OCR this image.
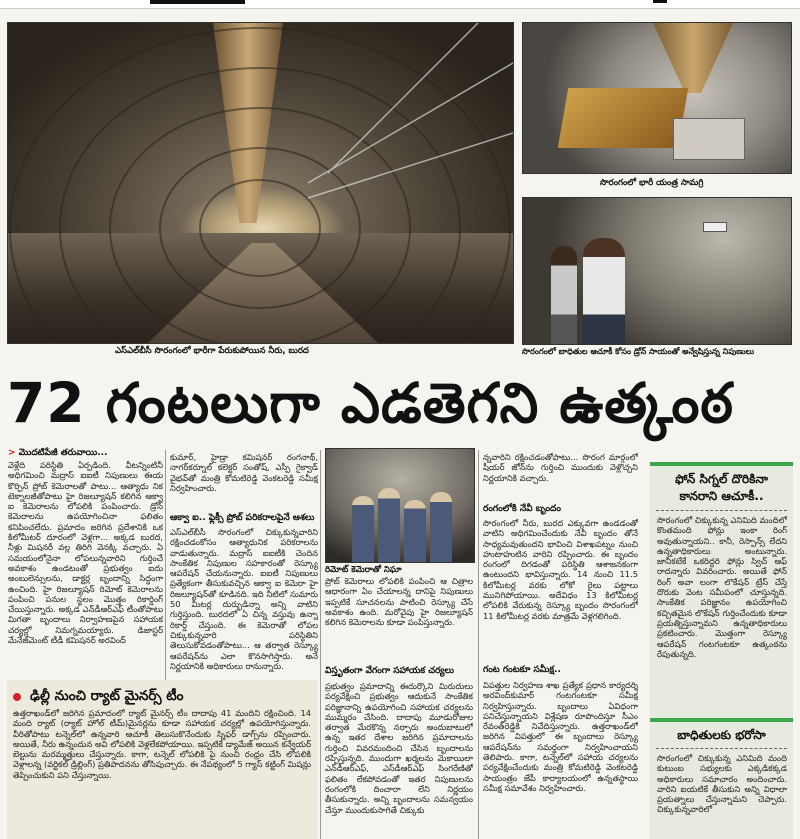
ఎస్ఎల్‌బీసీ సొరంగంలో భారీగా పేరుకుపోయిన నీరు, బురద
సొరంగంలో భారీ యంత్ర సామగ్రి
సొరంగంలో బాధితుల ఆచూకీ కోసం డ్రోన్ సాయంతో అన్వేషిస్తున్న నిపుణులు
72 గంటలుగా ఎడతెగని ఉత్కంఠ
> మొదటిపేజీ తరువాయి...
వెళ్లేది పరిస్థితి ఏర్పడింది. వీటన్నింటినీ అధిగమించి మద్రాస్ ఐఐటీ నిపుణులు ఈయ కొర్పిన్ ప్రోబ్ కెమెరాలతో పాటు... ఆత్యాధు నిక టెక్నాలజీతోపాటు హై రిజల్యూషన్ కలిగిన ఆక్వా ఐ కెమెరాలను లోపలికి పంపించారు. డ్రోన్ కెమెరాలను ఉపయోగించినా ఫలితం కనిపించలేదు. ప్రమాదం జరిగిన ప్రదేశానికి ఒక కిలోమీటర్ దూరంలో వెళ్లగా... అక్కడ బురద, నీళ్లు మిషనరీ వల్ల తిరిగి వెనక్కి వచ్చారు. ఏ సమయంలోనైనా లోపలున్నవారిని గుర్తించే అవకాశం ఉండటంతో ప్రభుత్వం ఐదు అంబులెన్సులను, డాక్టర్ల బృందాన్ని సిద్ధంగా ఉంచింది. హై రిజల్యూషన్ రిమోట్ కెమెరాలను పంపించి పనుల స్థలం మొత్తం రికార్డింగ్ చేయిస్తున్నారు. అక్కడ ఎన్‌డీఆర్‌ఎఫ్ టీంతోపాటు మిగతా బృందాలు నిర్వాహణపైన సహాయక చర్యల్లో నిమగ్నమయ్యారు. డిజాస్టర్ మేనేజ్‌మెంట్ టీడీ కమిషనర్ అరవింద్
కుమార్, హైడ్రా కమిషనర్ రంగనాథ్, నాగర్‌కర్నూల్ కలెక్టర్ సంతోష్, ఎస్పీ గైక్వాడ్ వైభవ్‌తో మంత్రి కోమటిరెడ్డి వెంకటరెడ్డి సమీక్ష నిర్వహించారు.
ఆక్వా ఐ.. ఫ్లెక్సీ ప్రోబ్ పరికరాలపైనే ఆశలు
ఎస్‌ఎల్‌బీసీ సొరంగంలో చిక్కుకున్నవారిని రక్షించడంకోసం ఆత్యాధునిక పరికరాలను వాడుతున్నారు. మద్రాస్ ఐఐటీకి చెందిన సాంకేతిక నిపుణుల సహకారంతో రెస్క్యూ ఆపరేషన్ చేయనున్నారు. ఐఐటీ నిపుణులు ప్రత్యేకంగా తీసుకువచ్చిన ఆక్వా ఐ కెమెరా హై రిజల్యూషన్‌తో కూడినది. ఇది నీటిలో సుమారు 50 మీటర్ల దుర్భుడిన్నా అన్ని వాటిని గుర్తిస్తుంది. బురదలో ఏ చిన్న వస్తువు ఉన్నా రికార్డ్ చేస్తుంది. ఈ కెమెరాతో లోపల చిక్కుకున్నవారి పరిస్థితిని తెలుసుకోవడంతోపాటు... ఆ తర్వాత రెస్క్యూ ఆపరేషన్‌ను ఎలా కొనసాగిస్తారు. అనే నిర్ణయానికి అధికారులు రానున్నారు.
రిమోట్ కెమెరాతో నిఘా
ప్రోబ్ కెమెరాలు లోపలికి పంపించి ఆ చిత్రాల ఆధారంగా ఏం చేయాలన్న దానిపై నిపుణులు ఇప్పటికే సూచనలను పాటించి రెస్క్యూ చేసే అవకాశం ఉంది. మరోవైపు హై రిజల్యూషన్ కలిగిన కెమెరాలను కూడా పంపిస్తున్నారు.
విస్తృతంగా వేగంగా సహాయక చర్యలు
ప్రభుత్వం ప్రమాదాన్ని ఈదుర్కొని మిరుదులు పర్యవేక్షించి ప్రభుత్వం ఆదుకునే సాంకేతిక పరిజ్ఞానాన్ని ఉపయోగించి సహాయక చర్యలను ముమ్మరం చేసింది. దాదాపు మూడురోజుల తర్వాత మేరకొన్న నర్సారు అందుబాటులో ఉన్న ఇతర దేశాల జరిగిన ప్రమాదాలను గుర్తించి వివరమందించి చేసిన బృందాలను రప్పిస్తున్నది. ముందుగా ఖర్మలను మెకాయిలా ఎన్‌డీఆర్‌ఎఫ్, ఎస్‌డీఆర్‌ఎఫ్ సింగరేణితో ఫలితం లేకపోవడంతో ఇతర నిపుణులను రంగంలోకి దించారా లేని నిర్ణయం తీసుకున్నారు. అన్ని బృందాలను సమన్వయం చేస్తూ ముందుకుసాగితే చిక్కుకు
న్నవారిని రక్షించడంతోపాటు... సొరంగ మార్గంలో షీయర్ జోన్‌ను గుర్తించి ముందుకు వెళ్లొచ్చని నిర్ణయానికి వచ్చారు.
రంగంలోకి నేవీ బృందం
సొరంగంలో నీరు, బురద ఎక్కువగా ఉండడంతో వాటిని అధిగమించేందుకు నేవీ బృందం తోనే సాధ్యమవుతుందని భావించి విశాఖపట్నం నుంచి హుటాహుటిన వారిని రప్పించారు. ఈ బృందం రంగంలో దిగడంతో పరిస్థితి ఆశాజనకంగా ఉంటుందని భావిస్తున్నారు. 14 నుంచి 11.5 కిలోమీటర్ల వరకు లోకో రైలు పట్టాలు మునిగిపోయాయి. అదేవిధం 13 కిలోమీటర్ల లోపలికి వేరుకున్న రెస్క్యూ బృందం సొరంగంలో 11 కిలోమీటర్ల వరకు మాత్రమే వెళ్లగలిగింది.
గంట గంటకూ సమీక్ష..
విపత్తుల నిర్వహణ శాఖ ప్రత్యేక ప్రధాన కార్యదర్శి అరవింద్‌కుమార్ గంటగంటకూ సమీక్ష నిర్వహిస్తున్నారు. బృందాలు ఏవిధంగా పనిచేస్తున్నాయని విశ్లేషణ రూపొందిస్తూ సీఎం రేవంత్‌రెడ్డికి నివేదిస్తున్నారు. ఉత్తరాఖండ్‌లో జరిగిన విపత్తులో ఈ బృందాలు రెస్క్యూ ఆపరేషన్‌ను సమర్థంగా నిర్వహించాయని తెలిపారు. కాగా, టన్నెల్‌లో సహాయ చర్యలను పర్యవేక్షించేందుకు మంత్రి కోమటిరెడ్డి వెంకటరెడ్డి సాయంత్రం జేపీ కార్యాలయంలో ఉన్నతస్థాయి సమీక్ష సమావేశం నిర్వహించారు.
ఢిల్లీ నుంచి ర్యాట్ మైనర్స్ టీం
ఉత్తరాఖండ్‌లో జరిగిన ప్రమాదంలో ర్యాట్ మైనర్స్ టీం దాదాపు 41 మందిని రక్షించింది. 14 మంది ర్యాట్ (ర్యాట్ హోల్ టీమ్)మైనర్లను కూడా సహాయక చర్యల్లో ఉపయోగిస్తున్నారు. వీరితోపాటు టన్నెల్‌లో ఉన్నవారి ఆచూకీ తెలుసుకొనేందుకు స్నిఫర్ డాగ్స్‌ను రప్పించారు. అయితే, నీరు ఉన్నందున అవి లోపలికి వెళ్లలేకపోయాయి. ఇప్పటికే డ్యామేజ్ అయిన కన్వేయర్ బెల్టును మరమ్మత్తులు చేస్తున్నారు. కాగా, టన్నెల్ లోపలికి పై నుంచి రంధ్రం చేసి లోపలికి వెళ్లాలన్న (వర్టికల్ డ్రిల్లింగ్) ప్రతిపాదనను తోసిపుచ్చారు. ఈ నేపథ్యంలో 5 గ్యాస్ కట్టింగ్ మిషన్లు తెప్పించుకుని పని చేస్తున్నాయి.
ఫోన్ సిగ్నల్ దొరికినా కానరాని ఆచూకీ..
సొరంగంలో చిక్కుకున్న ఎనిమిది మందిలో కొంతమంది ఫోన్లు ఇంకా రింగ్ అవుతున్నాయని.. కానీ, రెస్పాన్స్ లేదని ఉన్నతాధికారులు అంటున్నారు. జానీకటేకే ఒకరిద్దరి ఫోన్లు స్విచ్ ఆఫ్ రాదన్నారు వివరించారు. అయితే ఫోన్ రింగ్ అవా లంగా లొకేషన్ ట్రేస్ చేస్తే దొరుకు వెంట సమీపంలో చూస్తున్నది. సాంకేతిక పరిజ్ఞానం ఉపయోగించి కచ్చితమైన లొకేషన్ గుర్తించేందుకు కూడా ప్రయత్నిస్తున్నామని ఉన్నతాధికారులు ప్రకటించారు. మొత్తంగా రెస్క్యూ ఆపరేషన్ గంటగంటకూ ఉత్కంఠను రేపుతున్నది.
బాధితులకు భరోసా
సొరంగంలో చిక్కుకున్న ఎనిమిది మంది కుటుంబ సభ్యులకు ఎక్కడికక్కడ అధికారులు సమాచారం అందించారు. వారిని ఐయటికే తీసుకుని అన్ని విధాలా ప్రయత్నాలు చేస్తున్నామని చెప్పారు. చిక్కుకున్నవారిలో
